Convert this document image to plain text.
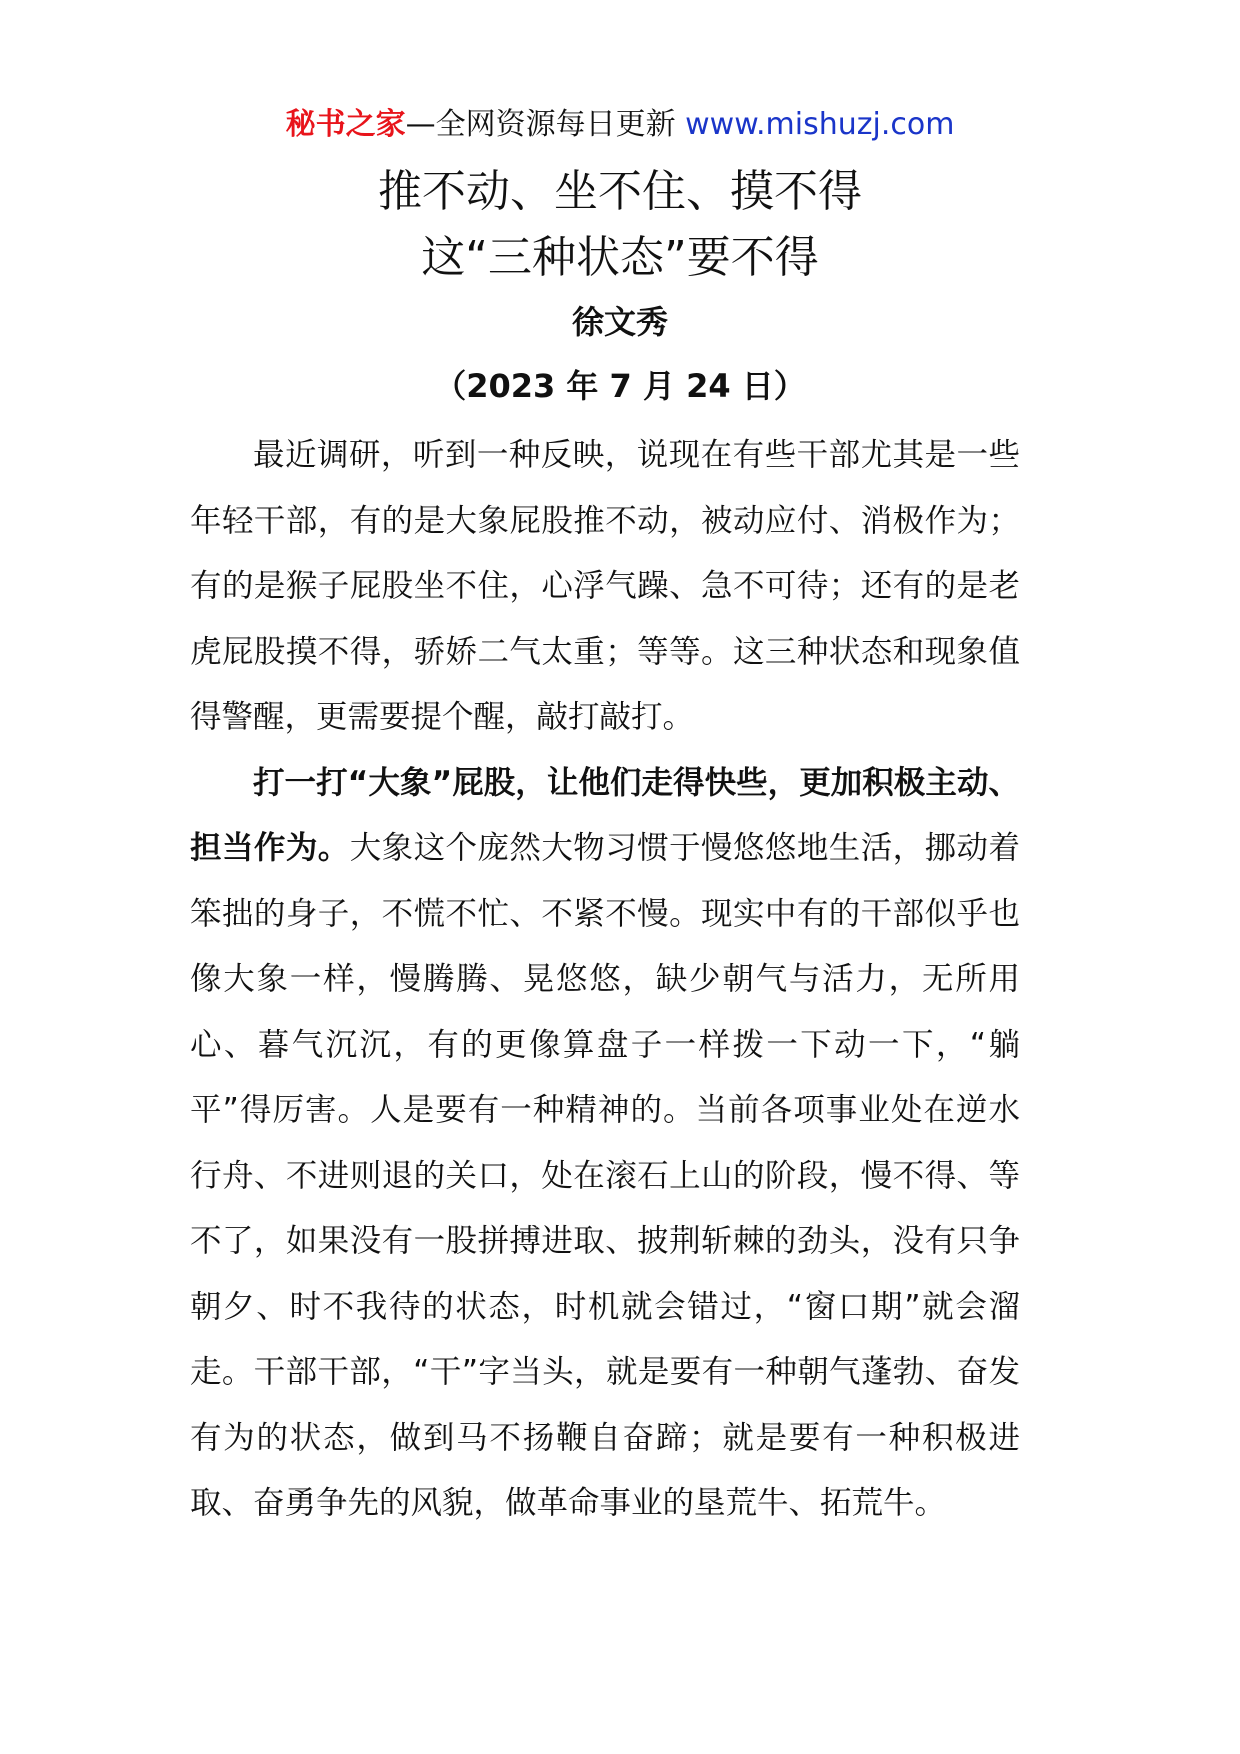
秘书之家—全网资源每日更新 www.mishuzj.com
推不动、坐不住、摸不得
这“三种状态”要不得
徐文秀
（2023 年 7 月 24 日）

最近调研，听到一种反映，说现在有些干部尤其是一些年轻干部，有的是大象屁股推不动，被动应付、消极作为；有的是猴子屁股坐不住，心浮气躁、急不可待；还有的是老虎屁股摸不得，骄娇二气太重；等等。这三种状态和现象值得警醒，更需要提个醒，敲打敲打。

打一打“大象”屁股，让他们走得快些，更加积极主动、担当作为。大象这个庞然大物习惯于慢悠悠地生活，挪动着笨拙的身子，不慌不忙、不紧不慢。现实中有的干部似乎也像大象一样，慢腾腾、晃悠悠，缺少朝气与活力，无所用心、暮气沉沉，有的更像算盘子一样拨一下动一下，“躺平”得厉害。人是要有一种精神的。当前各项事业处在逆水行舟、不进则退的关口，处在滚石上山的阶段，慢不得、等不了，如果没有一股拼搏进取、披荆斩棘的劲头，没有只争朝夕、时不我待的状态，时机就会错过，“窗口期”就会溜走。干部干部，“干”字当头，就是要有一种朝气蓬勃、奋发有为的状态，做到马不扬鞭自奋蹄；就是要有一种积极进取、奋勇争先的风貌，做革命事业的垦荒牛、拓荒牛。
